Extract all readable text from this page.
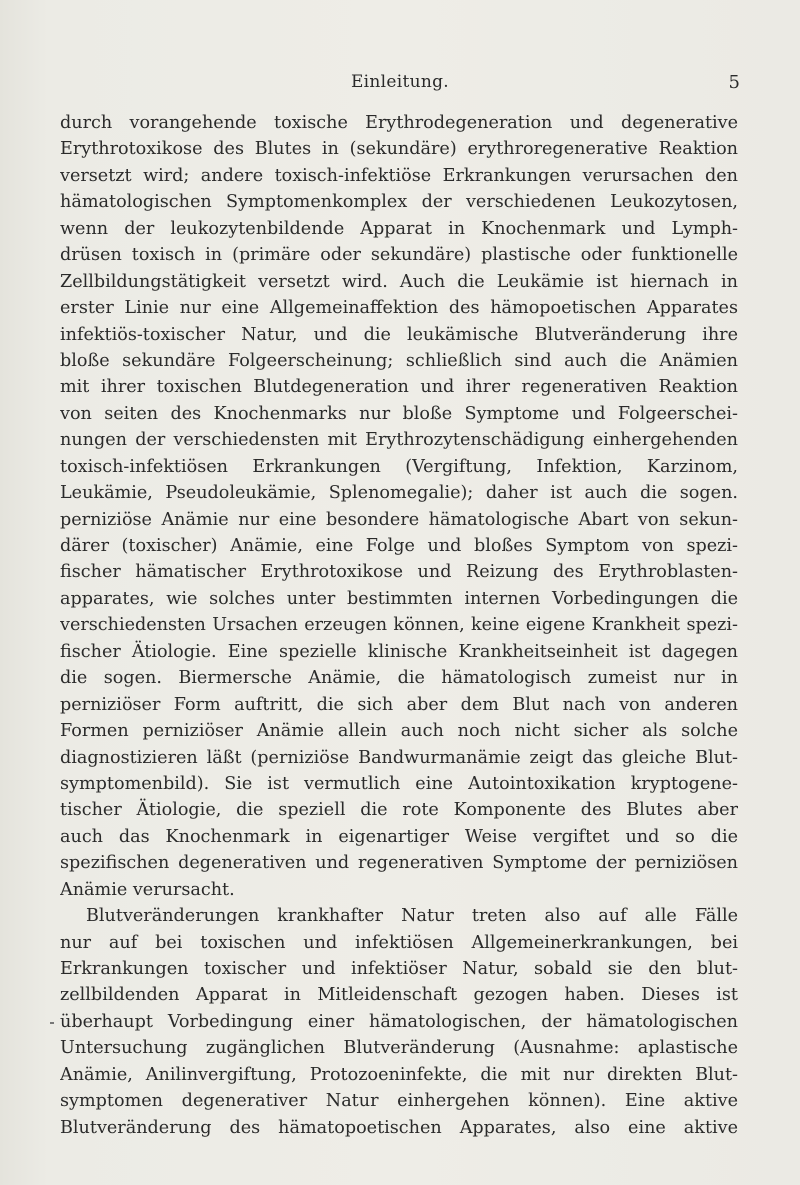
Einleitung.	5
durch vorangehende toxische Erythrodegeneration und degenerative
Erythrotoxikose des Blutes in (sekundäre) erythroregenerative Reaktion
versetzt wird; andere toxisch-infektiöse Erkrankungen verursachen den
hämatologischen Symptomenkomplex der verschiedenen Leukozytosen,
wenn der leukozytenbildende Apparat in Knochenmark und Lymph-
drüsen toxisch in (primäre oder sekundäre) plastische oder funktionelle
Zellbildungstätigkeit versetzt wird. Auch die Leukämie ist hiernach in
erster Linie nur eine Allgemeinaffektion des hämopoetischen Apparates
infektiös-toxischer Natur, und die leukämische Blutveränderung ihre
bloße sekundäre Folgeerscheinung; schließlich sind auch die Anämien
mit ihrer toxischen Blutdegeneration und ihrer regenerativen Reaktion
von seiten des Knochenmarks nur bloße Symptome und Folgeerschei-
nungen der verschiedensten mit Erythrozytenschädigung einhergehenden
toxisch-infektiösen Erkrankungen (Vergiftung, Infektion, Karzinom,
Leukämie, Pseudoleukämie, Splenomegalie); daher ist auch die sogen.
perniziöse Anämie nur eine besondere hämatologische Abart von sekun-
därer (toxischer) Anämie, eine Folge und bloßes Symptom von spezi-
fischer hämatischer Erythrotoxikose und Reizung des Erythroblasten-
apparates, wie solches unter bestimmten internen Vorbedingungen die
verschiedensten Ursachen erzeugen können, keine eigene Krankheit spezi-
fischer Ätiologie. Eine spezielle klinische Krankheitseinheit ist dagegen
die sogen. Biermersche Anämie, die hämatologisch zumeist nur in
perniziöser Form auftritt, die sich aber dem Blut nach von anderen
Formen perniziöser Anämie allein auch noch nicht sicher als solche
diagnostizieren läßt (perniziöse Bandwurmanämie zeigt das gleiche Blut-
symptomenbild). Sie ist vermutlich eine Autointoxikation kryptogene-
tischer Ätiologie, die speziell die rote Komponente des Blutes aber
auch das Knochenmark in eigenartiger Weise vergiftet und so die
spezifischen degenerativen und regenerativen Symptome der perniziösen
Anämie verursacht.
Blutveränderungen krankhafter Natur treten also auf alle Fälle
nur auf bei toxischen und infektiösen Allgemeinerkrankungen, bei
Erkrankungen toxischer und infektiöser Natur, sobald sie den blut-
zellbildenden Apparat in Mitleidenschaft gezogen haben. Dieses ist
überhaupt Vorbedingung einer hämatologischen, der hämatologischen
Untersuchung zugänglichen Blutveränderung (Ausnahme: aplastische
Anämie, Anilinvergiftung, Protozoeninfekte, die mit nur direkten Blut-
symptomen degenerativer Natur einhergehen können). Eine aktive
Blutveränderung des hämatopoetischen Apparates, also eine aktive
